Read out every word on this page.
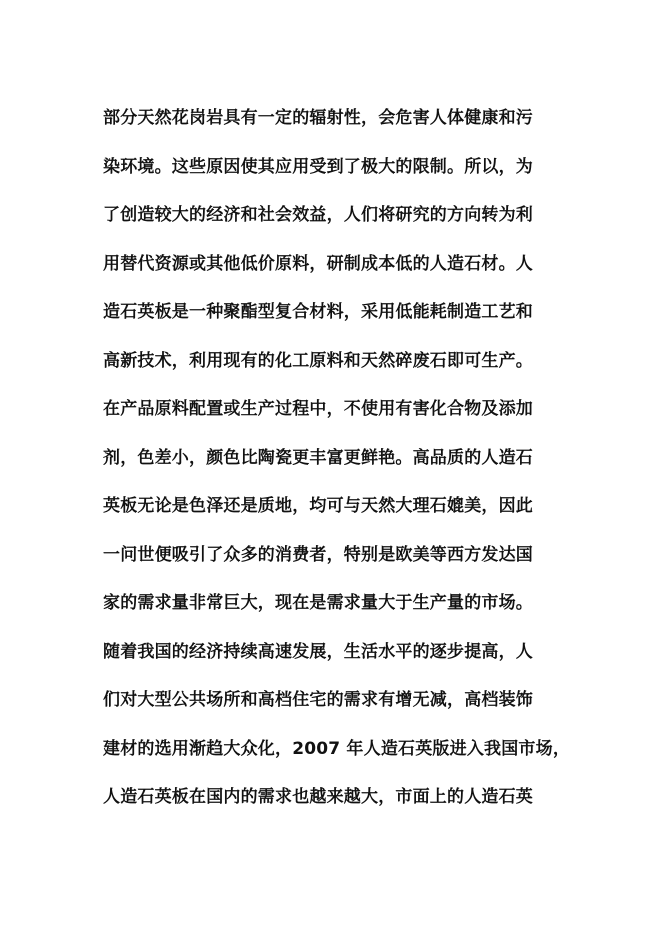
部分天然花岗岩具有一定的辐射性，会危害人体健康和污
染环境。这些原因使其应用受到了极大的限制。所以，为
了创造较大的经济和社会效益，人们将研究的方向转为利
用替代资源或其他低价原料，研制成本低的人造石材。人
造石英板是一种聚酯型复合材料，采用低能耗制造工艺和
高新技术，利用现有的化工原料和天然碎废石即可生产。
在产品原料配置或生产过程中，不使用有害化合物及添加
剂，色差小，颜色比陶瓷更丰富更鲜艳。高品质的人造石
英板无论是色泽还是质地，均可与天然大理石媲美，因此
一问世便吸引了众多的消费者，特别是欧美等西方发达国
家的需求量非常巨大，现在是需求量大于生产量的市场。
随着我国的经济持续高速发展，生活水平的逐步提高，人
们对大型公共场所和高档住宅的需求有增无减，高档装饰
建材的选用渐趋大众化，2007 年人造石英版进入我国市场，
人造石英板在国内的需求也越来越大，市面上的人造石英
